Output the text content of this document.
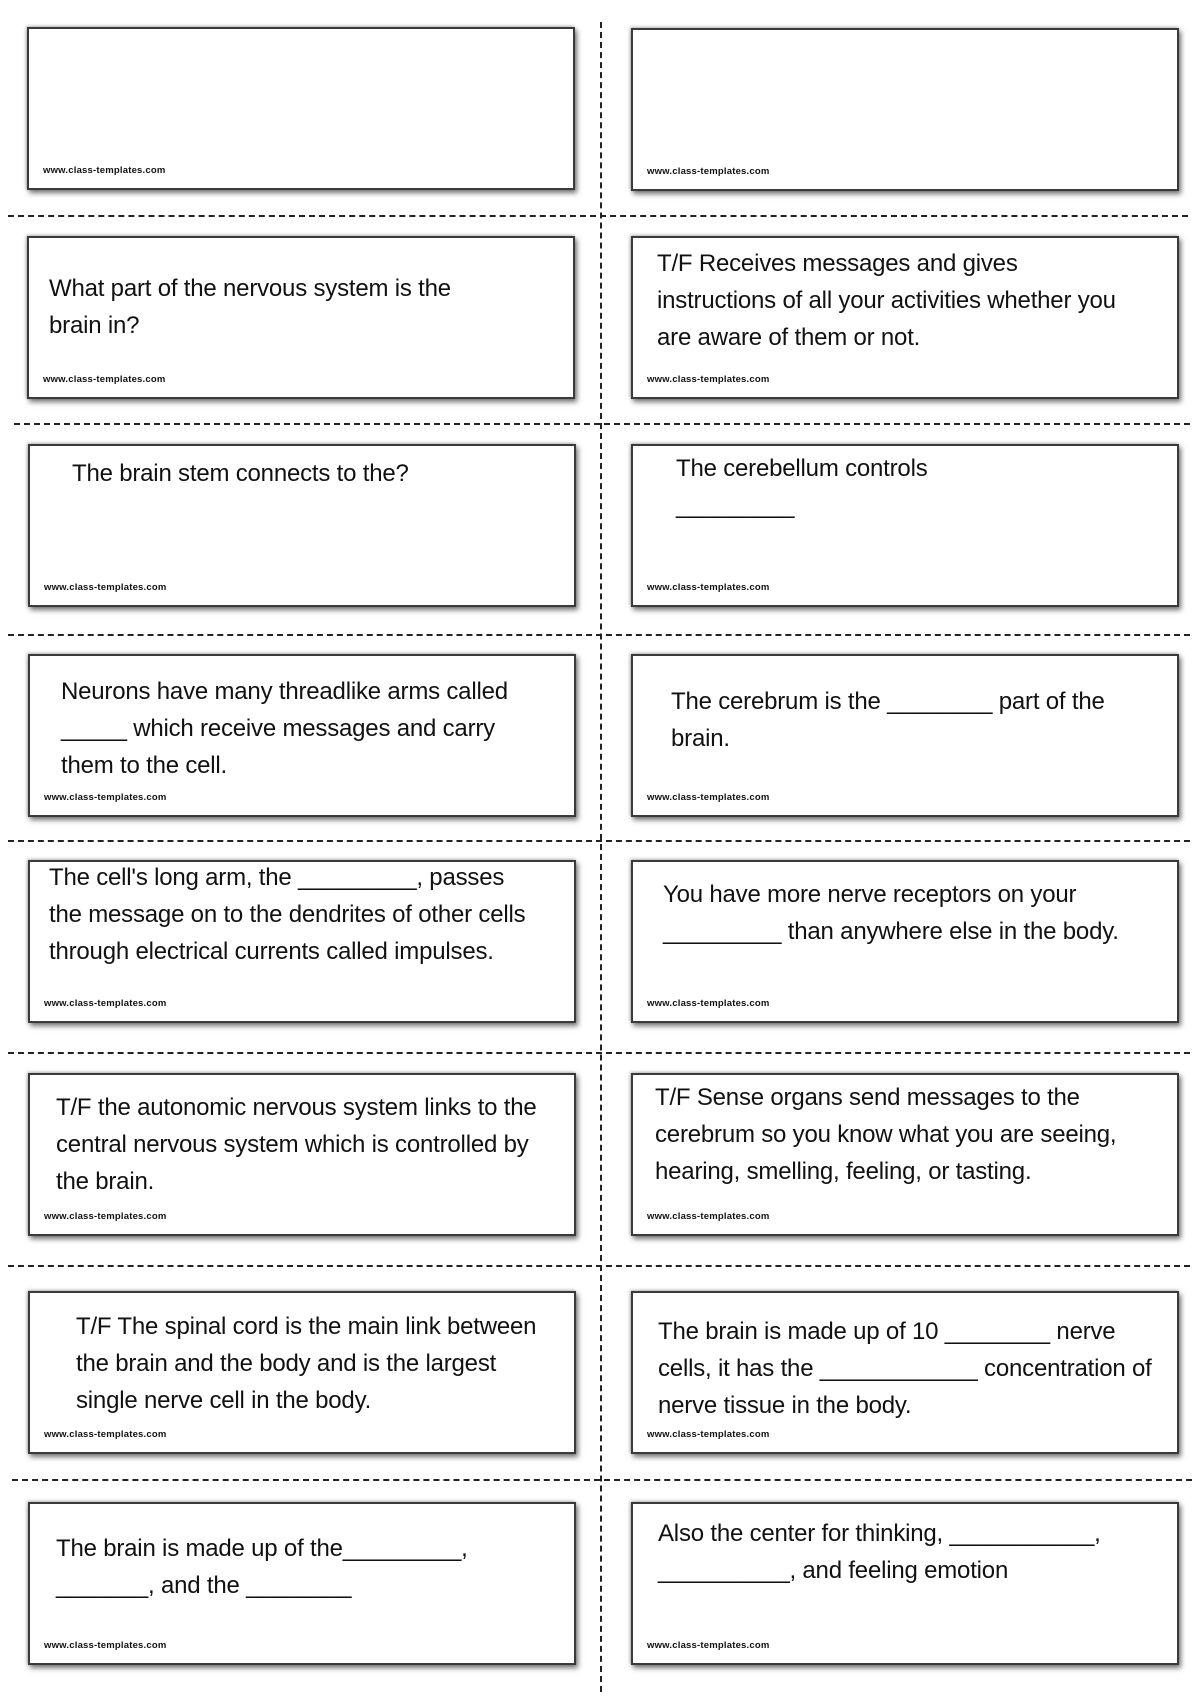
www.class-templates.com	www.class-templates.com

What part of the nervous system is the brain in?

www.class-templates.com

T/F Receives messages and gives instructions of all your activities whether you are aware of them or not.

www.class-templates.com

The brain stem connects to the?

www.class-templates.com

The cerebellum controls _________

www.class-templates.com

Neurons have many threadlike arms called _____ which receive messages and carry them to the cell.

www.class-templates.com

The cerebrum is the ________ part of the brain.

www.class-templates.com

The cell's long arm, the _________, passes the message on to the dendrites of other cells through electrical currents called impulses.

www.class-templates.com

You have more nerve receptors on your _________ than anywhere else in the body.

www.class-templates.com

T/F the autonomic nervous system links to the central nervous system which is controlled by the brain.

www.class-templates.com

T/F Sense organs send messages to the cerebrum so you know what you are seeing, hearing, smelling, feeling, or tasting.

www.class-templates.com

T/F The spinal cord is the main link between the brain and the body and is the largest single nerve cell in the body.

www.class-templates.com

The brain is made up of 10 ________ nerve cells, it has the ____________ concentration of nerve tissue in the body.

www.class-templates.com

The brain is made up of the_________, _______, and the ________

www.class-templates.com

Also the center for thinking, ___________, __________, and feeling emotion

www.class-templates.com
